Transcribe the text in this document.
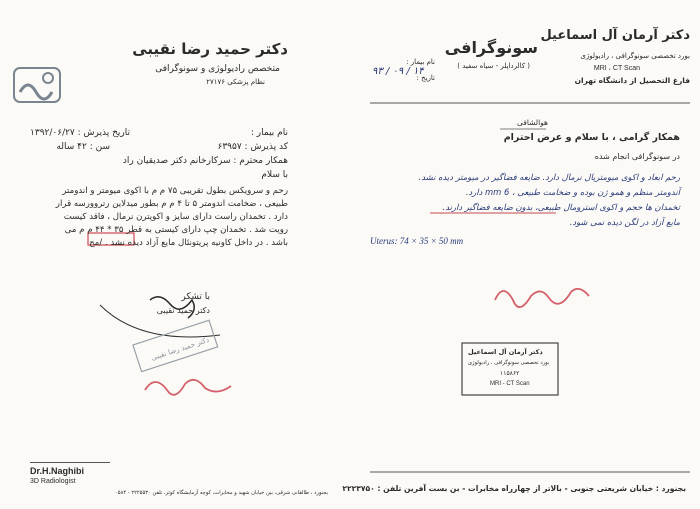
دکتر حمید رضا نقیبی
متخصص رادیولوژی و سونوگرافی
نظام پزشکی ۲۷۱۷۶
نام بیمار :
تاریخ پذیرش : ۱۳۹۲/۰۶/۲۷
کد پذیرش : ۶۳۹۵۷
سن : ۴۲ ساله
همکار محترم : سرکارخانم دکتر صدیقیان راد
با سلام
رحم و سرویکس بطول تقریبی ۷۵ م م با اکوی میومتر و اندومتر
طبیعی ، ضخامت اندومتر ۵ تا ۴ م م بطور میدلاین رتروورسه قرار
دارد . تخمدان راست دارای سایز و اکوپترن نرمال ، فاقد کیست
رویت شد . تخمدان چپ دارای کیستی به قطر ۳۵ * ۴۴ م م می
باشد . در داخل کاونیه پریتونئال مایع آزاد دیده نشد . /مح
با تشکر
دکتر حمید نقیبی
دکتر حمید رضا نقیبی
Dr.H.Naghibi
3D Radiologist
بجنورد ، طالقانی شرقی، بین خیابان شهید و مخابرات، کوچه آزمایشگاه کوثر، تلفن ۲۲۲۵۵۳۰ - ۰۵۸۴
دکتر آرمان آل اسماعیل
بورد تخصصی سونوگرافی ، رادیولوژی
MRI ، CT Scan
فارغ التحصیل از دانشگاه تهران
سونوگرافی
( کالرداپلر - سیاه سفید )
نام بیمار :
تاریخ :
۹۳ / ۰۹ / ۱۴
هوالشافی
همکار گرامی ، با سلام و عرض احترام
در سونوگرافی انجام شده
رحم ابعاد و اکوی میومتریال نرمال دارد. ضایعه فضاگیر در میومتر دیده نشد.
آندومتر منظم و همو ژن بوده و ضخامت طبیعی ، 6 mm دارد.
تخمدان ها حجم و اکوی استرومال طبیعی، بدون ضایعه فضاگیر دارند.
مایع آزاد در لگن دیده نمی شود.
Uterus: 74 × 35 × 50 mm
دکتر آرمان آل اسماعیل
بورد تخصصی سونوگرافی ، رادیولوژی
۱۱۵۸۶۲
MRI - CT Scan
بجنورد : خیابان شریعتی جنوبی - بالاتر از چهارراه مخابرات - بن بست آفرین تلفن : ۲۲۲۳۷۵۰
